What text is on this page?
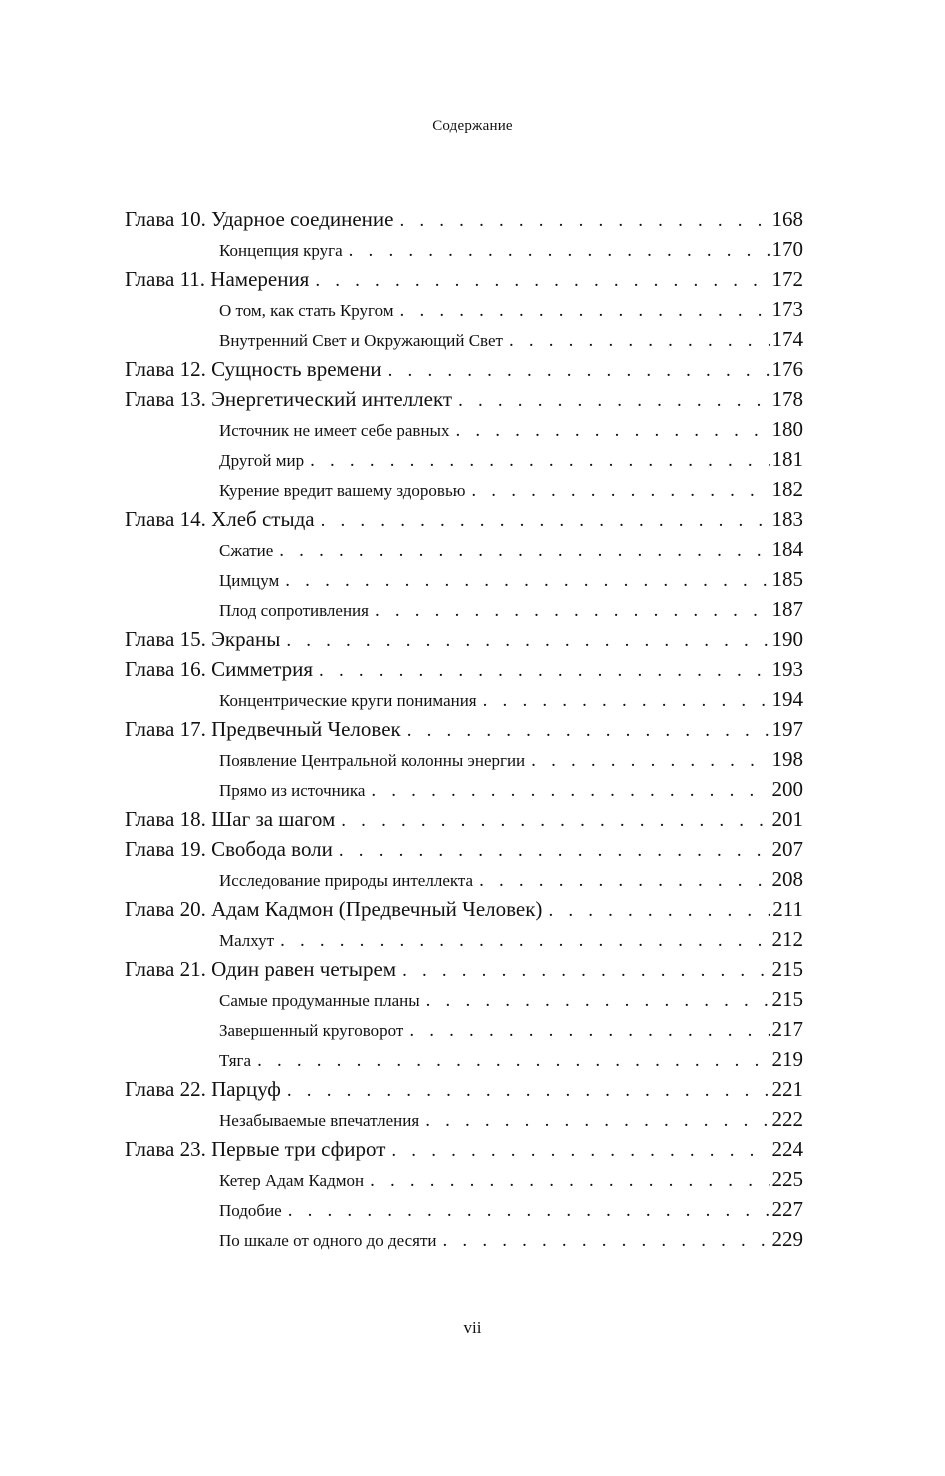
Содержание
Глава 10. Ударное соединение . . .	168
Концепция круга . . .	170
Глава 11. Намерения . . .	172
О том, как стать Кругом . . .	173
Внутренний Свет и Окружающий Свет . . .	174
Глава 12. Сущность времени . . .	176
Глава 13. Энергетический интеллект . . .	178
Источник не имеет себе равных . . .	180
Другой мир . . .	181
Курение вредит вашему здоровью . . .	182
Глава 14. Хлеб стыда . . .	183
Сжатие . . .	184
Цимцум . . .	185
Плод сопротивления . . .	187
Глава 15. Экраны . . .	190
Глава 16. Симметрия . . .	193
Концентрические круги понимания . . .	194
Глава 17. Предвечный Человек . . .	197
Появление Центральной колонны энергии . . .	198
Прямо из источника . . .	200
Глава 18. Шаг за шагом . . .	201
Глава 19. Свобода воли . . .	207
Исследование природы интеллекта . . .	208
Глава 20. Адам Кадмон (Предвечный Человек) . . .	211
Малхут . . .	212
Глава 21. Один равен четырем . . .	215
Самые продуманные планы . . .	215
Завершенный круговорот . . .	217
Тяга . . .	219
Глава 22. Парцуф . . .	221
Незабываемые впечатления . . .	222
Глава 23. Первые три сфирот . . .	224
Кетер Адам Кадмон . . .	225
Подобие . . .	227
По шкале от одного до десяти . . .	229
vii
